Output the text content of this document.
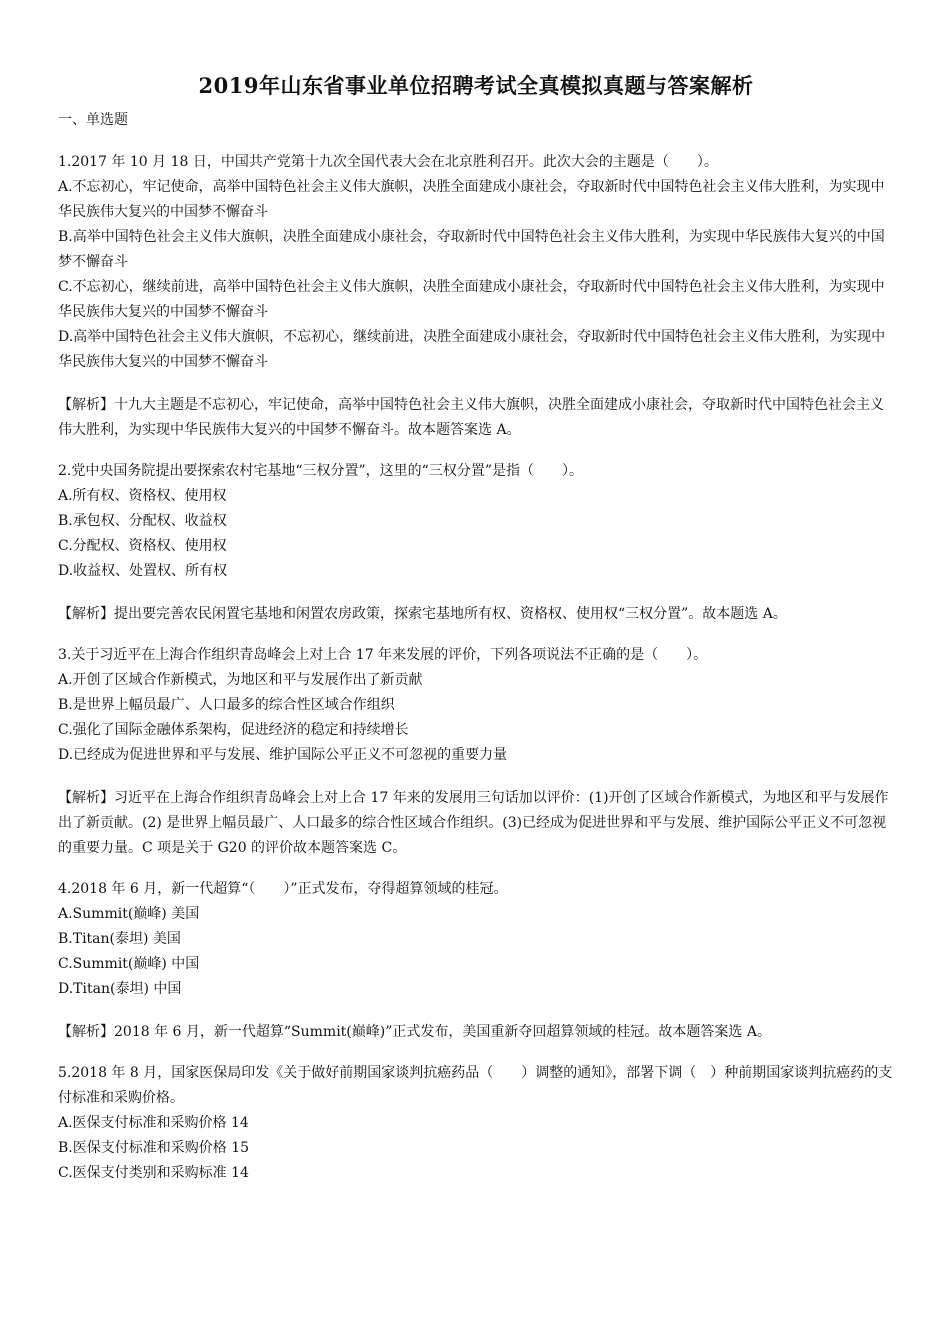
2019年山东省事业单位招聘考试全真模拟真题与答案解析
一、单选题
1.2017 年 10 月 18 日，中国共产党第十九次全国代表大会在北京胜利召开。此次大会的主题是（　　）。
A.不忘初心，牢记使命，高举中国特色社会主义伟大旗帜，决胜全面建成小康社会，夺取新时代中国特色社会主义伟大胜利，为实现中华民族伟大复兴的中国梦不懈奋斗
B.高举中国特色社会主义伟大旗帜，决胜全面建成小康社会，夺取新时代中国特色社会主义伟大胜利，为实现中华民族伟大复兴的中国梦不懈奋斗
C.不忘初心，继续前进，高举中国特色社会主义伟大旗帜，决胜全面建成小康社会，夺取新时代中国特色社会主义伟大胜利，为实现中华民族伟大复兴的中国梦不懈奋斗
D.高举中国特色社会主义伟大旗帜，不忘初心，继续前进，决胜全面建成小康社会，夺取新时代中国特色社会主义伟大胜利，为实现中华民族伟大复兴的中国梦不懈奋斗
【解析】十九大主题是不忘初心，牢记使命，高举中国特色社会主义伟大旗帜，决胜全面建成小康社会，夺取新时代中国特色社会主义伟大胜利，为实现中华民族伟大复兴的中国梦不懈奋斗。故本题答案选 A。
2.党中央国务院提出要探索农村宅基地“三权分置”，这里的“三权分置”是指（　　）。
A.所有权、资格权、使用权
B.承包权、分配权、收益权
C.分配权、资格权、使用权
D.收益权、处置权、所有权
【解析】提出要完善农民闲置宅基地和闲置农房政策，探索宅基地所有权、资格权、使用权“三权分置”。故本题选 A。
3.关于习近平在上海合作组织青岛峰会上对上合 17 年来发展的评价，下列各项说法不正确的是（　　）。
A.开创了区域合作新模式，为地区和平与发展作出了新贡献
B.是世界上幅员最广、人口最多的综合性区域合作组织
C.强化了国际金融体系架构，促进经济的稳定和持续增长
D.已经成为促进世界和平与发展、维护国际公平正义不可忽视的重要力量
【解析】习近平在上海合作组织青岛峰会上对上合 17 年来的发展用三句话加以评价：(1)开创了区域合作新模式，为地区和平与发展作出了新贡献。(2) 是世界上幅员最广、人口最多的综合性区域合作组织。(3)已经成为促进世界和平与发展、维护国际公平正义不可忽视的重要力量。C 项是关于 G20 的评价故本题答案选 C。
4.2018 年 6 月，新一代超算“（　　）”正式发布，夺得超算领域的桂冠。
A.Summit(巅峰) 美国
B.Titan(泰坦) 美国
C.Summit(巅峰) 中国
D.Titan(泰坦) 中国
【解析】2018 年 6 月，新一代超算“Summit(巅峰)”正式发布，美国重新夺回超算领域的桂冠。故本题答案选 A。
5.2018 年 8 月，国家医保局印发《关于做好前期国家谈判抗癌药品（　　）调整的通知》，部署下调（　）种前期国家谈判抗癌药的支付标准和采购价格。
A.医保支付标准和采购价格 14
B.医保支付标准和采购价格 15
C.医保支付类别和采购标准 14
